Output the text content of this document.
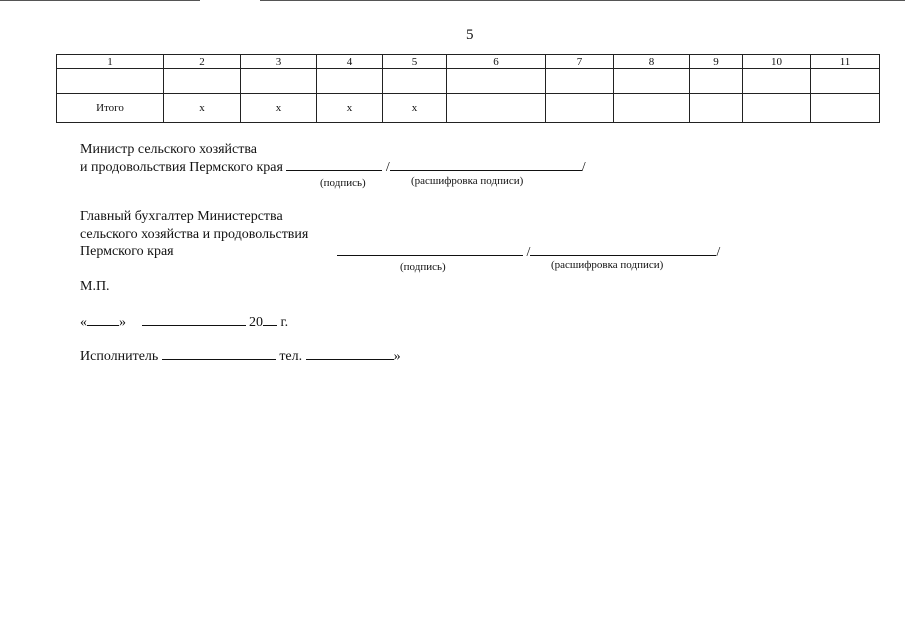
5
1	2	3	4	5	6	7	8	9	10	11

Итого	х	х	х	х						
Министр сельского хозяйства
и продовольствия Пермского края	/	/
(подпись)	(расшифровка подписи)
Главный бухгалтер Министерства
сельского хозяйства и продовольствия
Пермского края	/	/
(подпись)	(расшифровка подписи)
М.П.
« »	20 г.
Исполнитель	тел.	»
